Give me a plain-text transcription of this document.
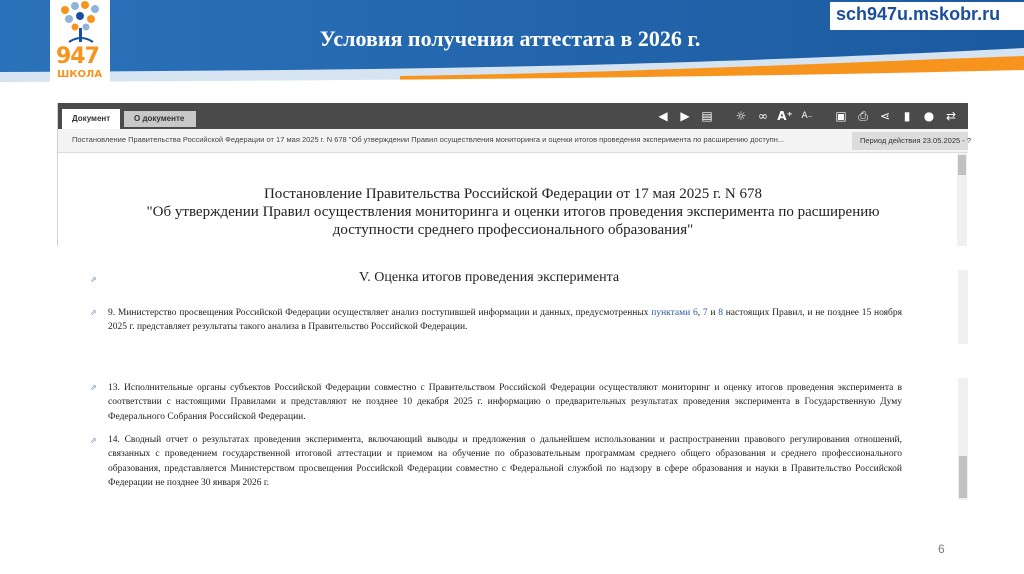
947
ШКОЛА
sch947u.mskobr.ru
Условия получения аттестата в 2026 г.
Документ	О документе	◀	▶ ▤	☼ ∞ A⁺ A₋	▣ ⎙	⋖	▮	● ⇄
Постановление Правительства Российской Федерации от 17 мая 2025 г. N 678 "Об утверждении Правил осуществления мониторинга и оценки итогов проведения эксперимента по расширению доступн...	Период действия 23.05.2025 - ?
Постановление Правительства Российской Федерации от 17 мая 2025 г. N 678
"Об утверждении Правил осуществления мониторинга и оценки итогов проведения эксперимента по расширению
доступности среднего профессионального образования"
⇗	V. Оценка итогов проведения эксперимента
⇗	9. Министерство просвещения Российской Федерации осуществляет анализ поступившей информации и данных, предусмотренных пунктами 6, 7 и 8 настоящих Правил, и не позднее 15 ноября 2025 г. представляет результаты такого анализа в Правительство Российской Федерации.
⇗	13. Исполнительные органы субъектов Российской Федерации совместно с Правительством Российской Федерации осуществляют мониторинг и оценку итогов проведения эксперимента в соответствии с настоящими Правилами и представляют не позднее 10 декабря 2025 г. информацию о предварительных результатах проведения эксперимента в Государственную Думу Федерального Собрания Российской Федерации.
⇗	14. Сводный отчет о результатах проведения эксперимента, включающий выводы и предложения о дальнейшем использовании и распространении правового регулирования отношений, связанных с проведением государственной итоговой аттестации и приемом на обучение по образовательным программам среднего общего образования и среднего профессионального образования, представляется Министерством просвещения Российской Федерации совместно с Федеральной службой по надзору в сфере образования и науки в Правительство Российской Федерации не позднее 30 января 2026 г.
6
